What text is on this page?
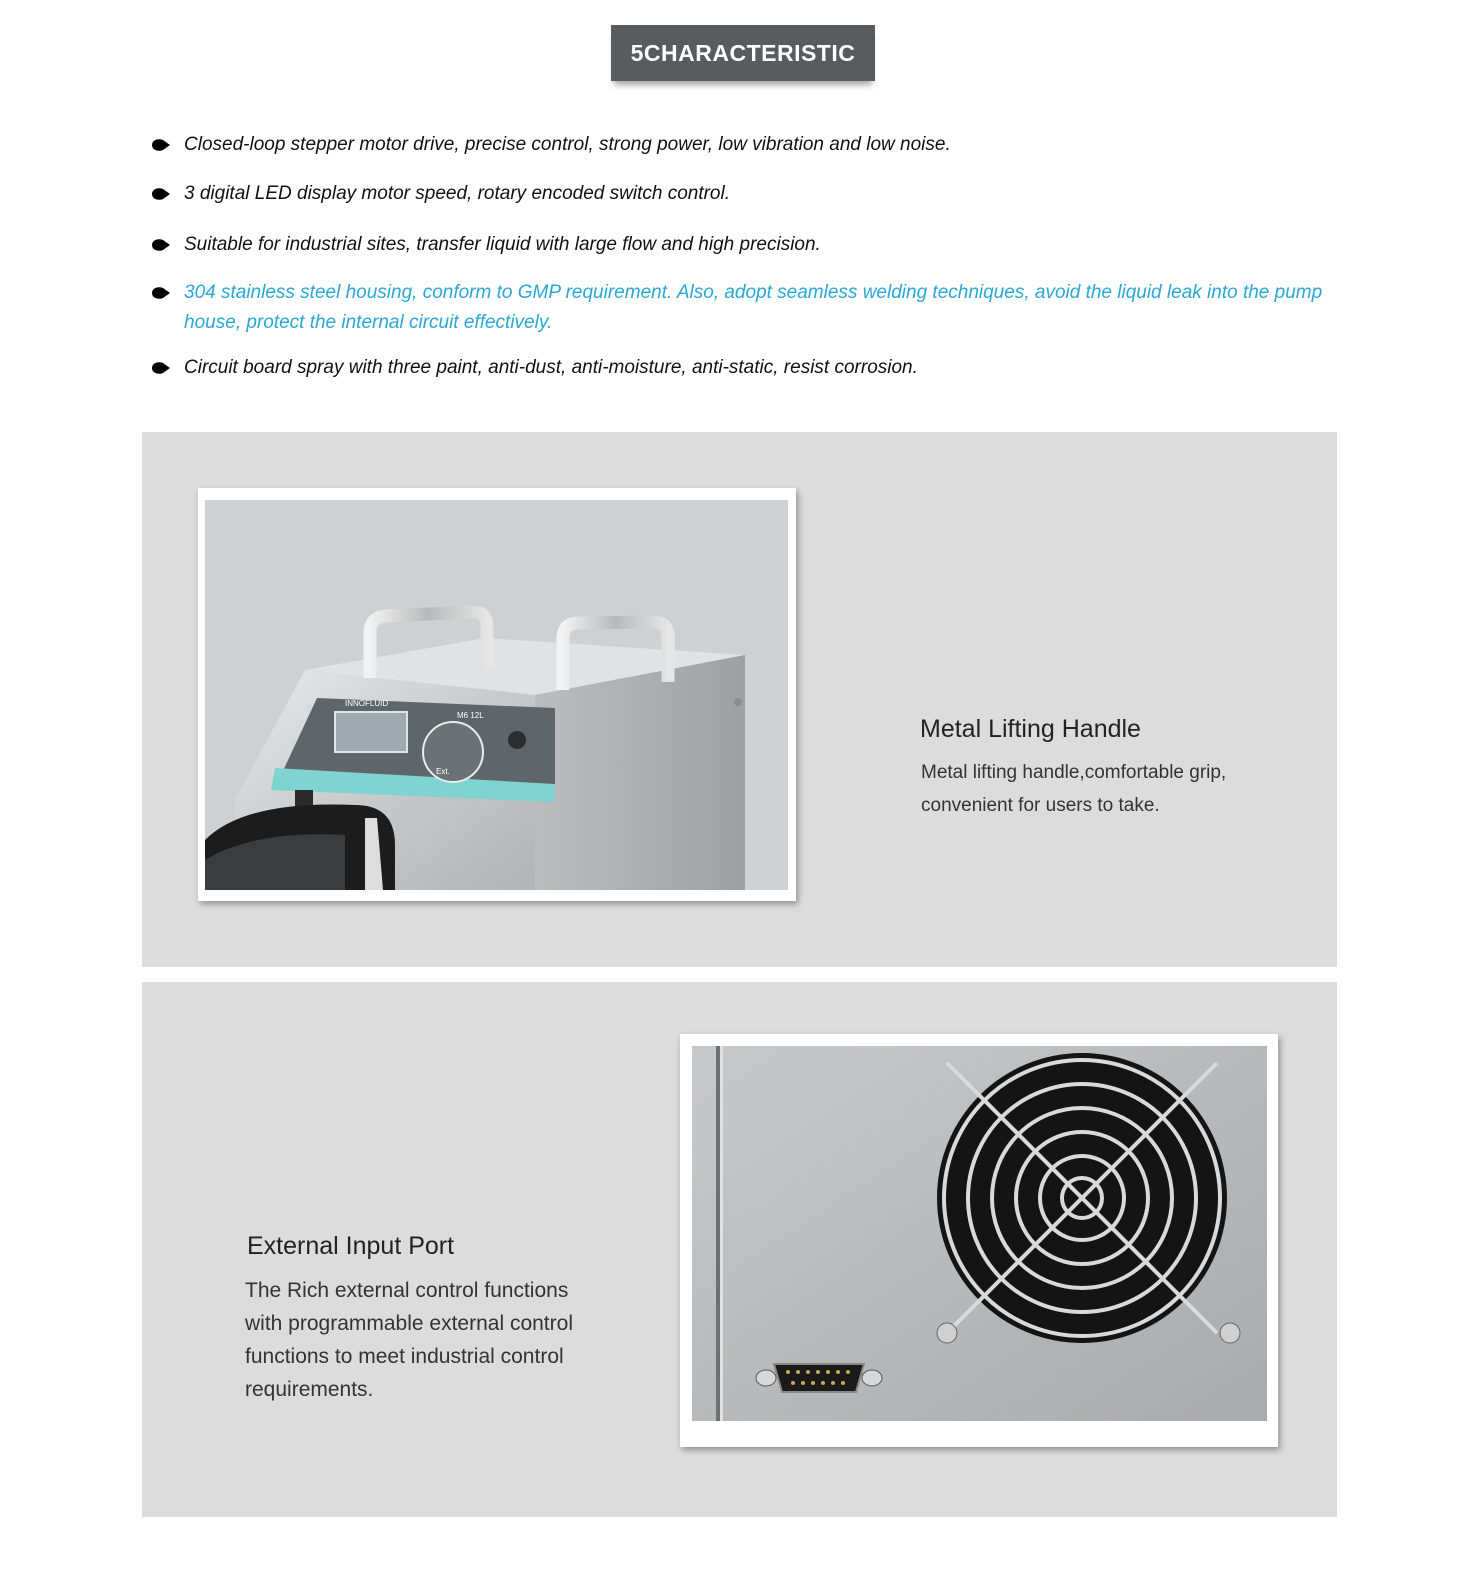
5CHARACTERISTIC
Closed-loop stepper motor drive, precise control, strong power, low vibration and low noise.
3 digital LED display motor speed, rotary encoded switch control.
Suitable for industrial sites, transfer liquid with large flow and high precision.
304 stainless steel housing, conform to GMP requirement. Also, adopt seamless welding techniques, avoid the liquid leak into the pump house, protect the internal circuit effectively.
Circuit board spray with three paint, anti-dust, anti-moisture, anti-static, resist corrosion.
INNOFLUID
M6 12L
Ext.
Metal Lifting Handle
Metal lifting handle,comfortable grip,
convenient for users to take.
External Input Port
The Rich external control functions
with programmable external control
functions to meet industrial control
requirements.
